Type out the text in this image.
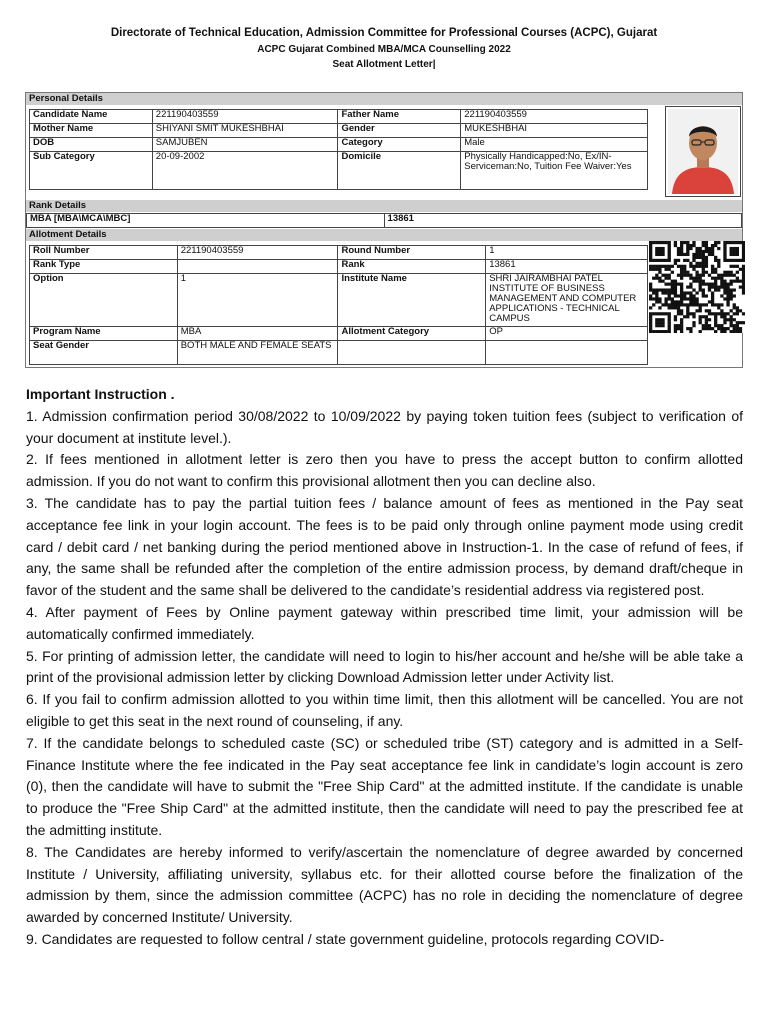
Directorate of Technical Education, Admission Committee for Professional Courses (ACPC), Gujarat
ACPC Gujarat Combined MBA/MCA Counselling 2022
Seat Allotment Letter|
Personal Details
Candidate Name	221190403559	Father Name	221190403559
Mother Name	SHIYANI SMIT MUKESHBHAI	Gender	MUKESHBHAI
DOB	SAMJUBEN	Category	Male
Sub Category	20-09-2002	Domicile	Physically Handicapped:No, Ex/IN-Serviceman:No, Tuition Fee Waiver:Yes
Rank Details
MBA [MBA\MCA\MBC]	13861
Allotment Details
Roll Number	221190403559	Round Number	1
Rank Type		Rank	13861
Option	1	Institute Name	SHRI JAIRAMBHAI PATEL INSTITUTE OF BUSINESS MANAGEMENT AND COMPUTER APPLICATIONS - TECHNICAL CAMPUS
Program Name	MBA	Allotment Category	OP
Seat Gender	BOTH MALE AND FEMALE SEATS		
Important Instruction .

1. Admission confirmation period 30/08/2022 to 10/09/2022 by paying token tuition fees (subject to verification of your document at institute level.).

2. If fees mentioned in allotment letter is zero then you have to press the accept button to confirm allotted admission. If you do not want to confirm this provisional allotment then you can decline also.

3. The candidate has to pay the partial tuition fees / balance amount of fees as mentioned in the Pay seat acceptance fee link in your login account. The fees is to be paid only through online payment mode using credit card / debit card / net banking during the period mentioned above in Instruction-1. In the case of refund of fees, if any, the same shall be refunded after the completion of the entire admission process, by demand draft/cheque in favor of the student and the same shall be delivered to the candidate’s residential address via registered post.

4. After payment of Fees by Online payment gateway within prescribed time limit, your admission will be automatically confirmed immediately.

5. For printing of admission letter, the candidate will need to login to his/her account and he/she will be able take a print of the provisional admission letter by clicking Download Admission letter under Activity list.

6. If you fail to confirm admission allotted to you within time limit, then this allotment will be cancelled. You are not eligible to get this seat in the next round of counseling, if any.

7. If the candidate belongs to scheduled caste (SC) or scheduled tribe (ST) category and is admitted in a Self-Finance Institute where the fee indicated in the Pay seat acceptance fee link in candidate’s login account is zero (0), then the candidate will have to submit the "Free Ship Card" at the admitted institute. If the candidate is unable to produce the "Free Ship Card" at the admitted institute, then the candidate will need to pay the prescribed fee at the admitting institute.

8. The Candidates are hereby informed to verify/ascertain the nomenclature of degree awarded by concerned Institute / University, affiliating university, syllabus etc. for their allotted course before the finalization of the admission by them, since the admission committee (ACPC) has no role in deciding the nomenclature of degree awarded by concerned Institute/ University.

9. Candidates are requested to follow central / state government guideline, protocols regarding COVID-
